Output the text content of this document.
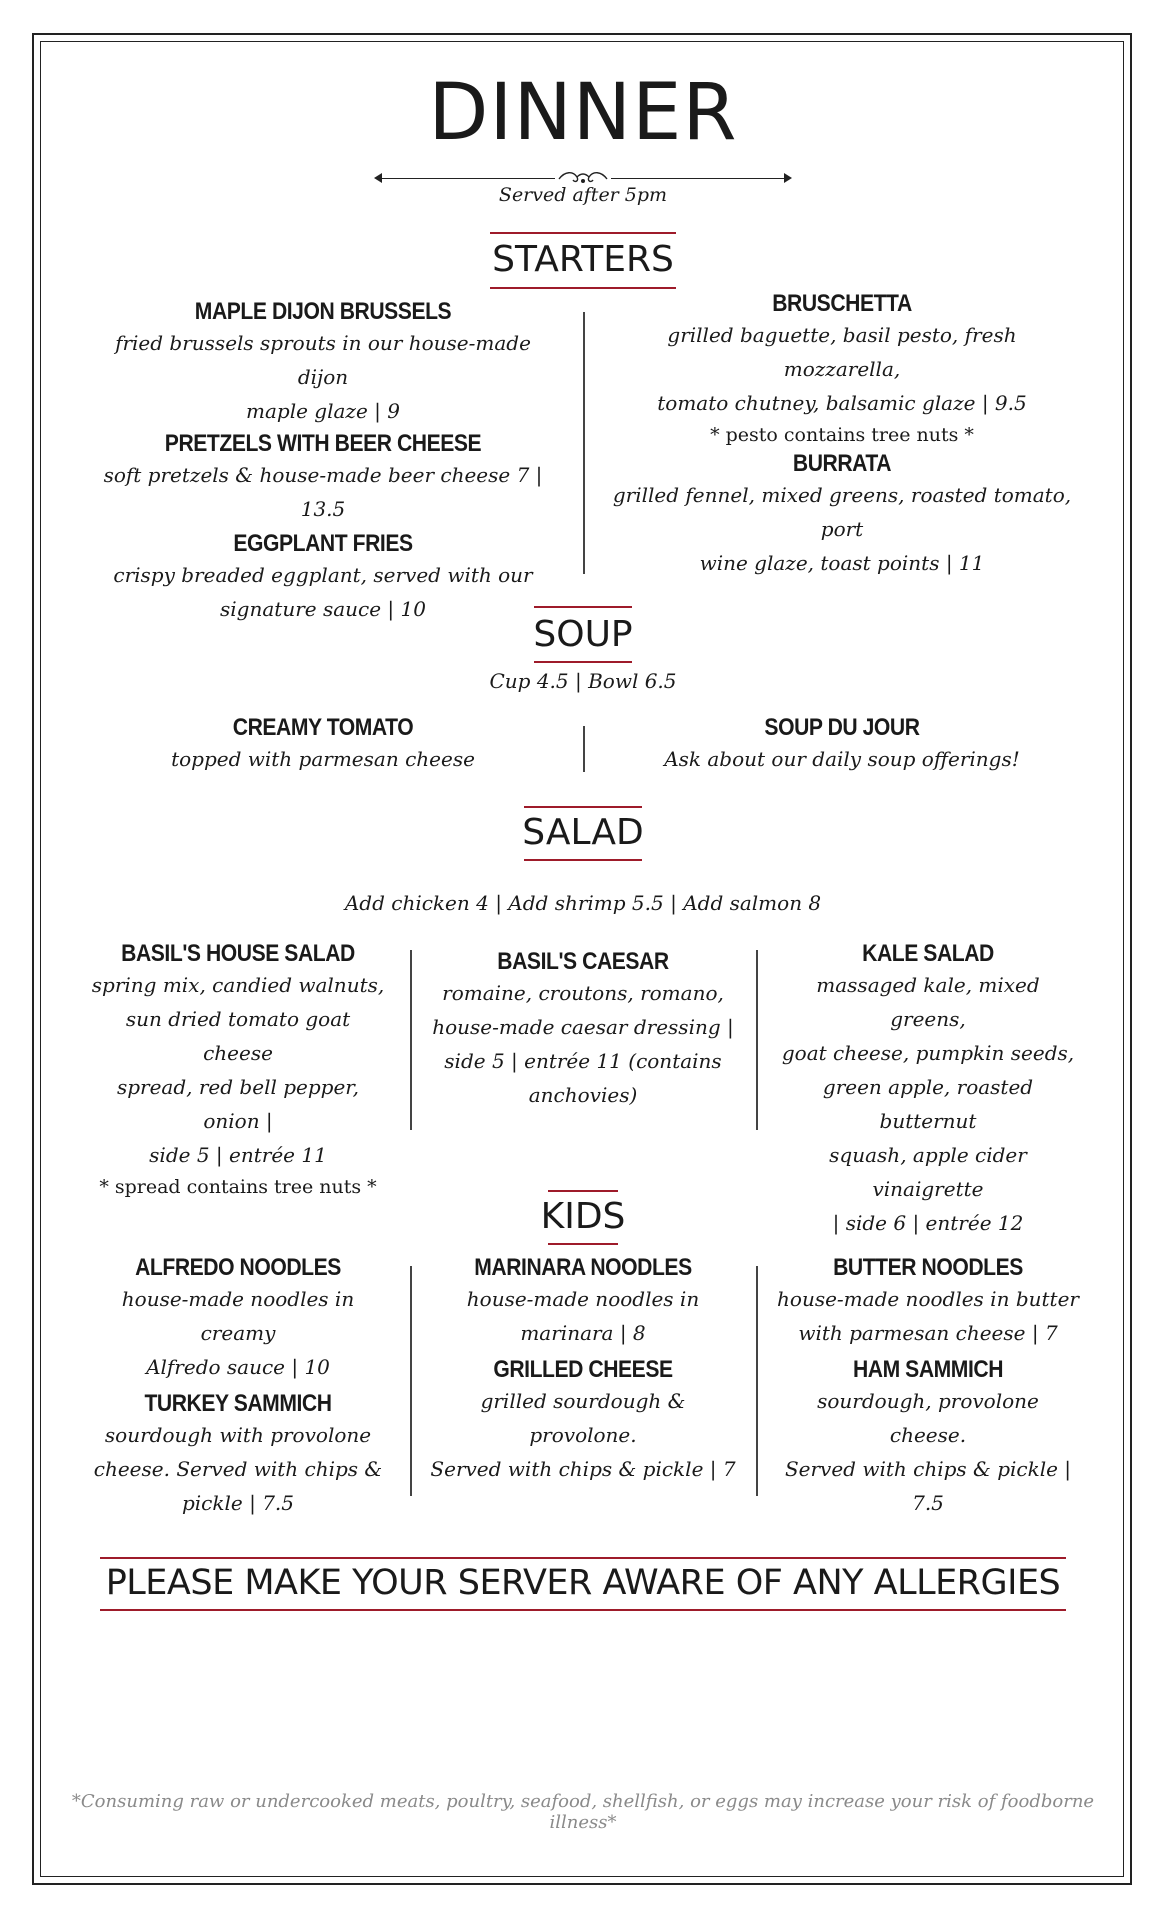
DINNER
Served after 5pm
STARTERS
MAPLE DIJON BRUSSELS
fried brussels sprouts in our house-made dijon
maple glaze | 9
PRETZELS WITH BEER CHEESE
soft pretzels & house-made beer cheese 7 | 13.5
EGGPLANT FRIES
crispy breaded eggplant, served with our
signature sauce | 10
BRUSCHETTA
grilled baguette, basil pesto, fresh mozzarella,
tomato chutney, balsamic glaze | 9.5
* pesto contains tree nuts *
BURRATA
grilled fennel, mixed greens, roasted tomato, port
wine glaze, toast points | 11
SOUP
Cup 4.5 | Bowl 6.5
CREAMY TOMATO
topped with parmesan cheese
SOUP DU JOUR
Ask about our daily soup offerings!
SALAD
Add chicken 4 | Add shrimp 5.5 | Add salmon 8
BASIL'S HOUSE SALAD
spring mix, candied walnuts,
sun dried tomato goat cheese
spread, red bell pepper, onion |
side 5 | entrée 11
* spread contains tree nuts *
BASIL'S CAESAR
romaine, croutons, romano,
house-made caesar dressing |
side 5 | entrée 11 (contains
anchovies)
KALE SALAD
massaged kale, mixed greens,
goat cheese, pumpkin seeds,
green apple, roasted butternut
squash, apple cider vinaigrette
| side 6 | entrée 12
KIDS
ALFREDO NOODLES
house-made noodles in creamy
Alfredo sauce | 10
TURKEY SAMMICH
sourdough with provolone
cheese. Served with chips &
pickle | 7.5
MARINARA NOODLES
house-made noodles in
marinara | 8
GRILLED CHEESE
grilled sourdough & provolone.
Served with chips & pickle | 7
BUTTER NOODLES
house-made noodles in butter
with parmesan cheese | 7
HAM SAMMICH
sourdough, provolone cheese.
Served with chips & pickle | 7.5
PLEASE MAKE YOUR SERVER AWARE OF ANY ALLERGIES
*Consuming raw or undercooked meats, poultry, seafood, shellfish, or eggs may increase your risk of foodborne illness*
